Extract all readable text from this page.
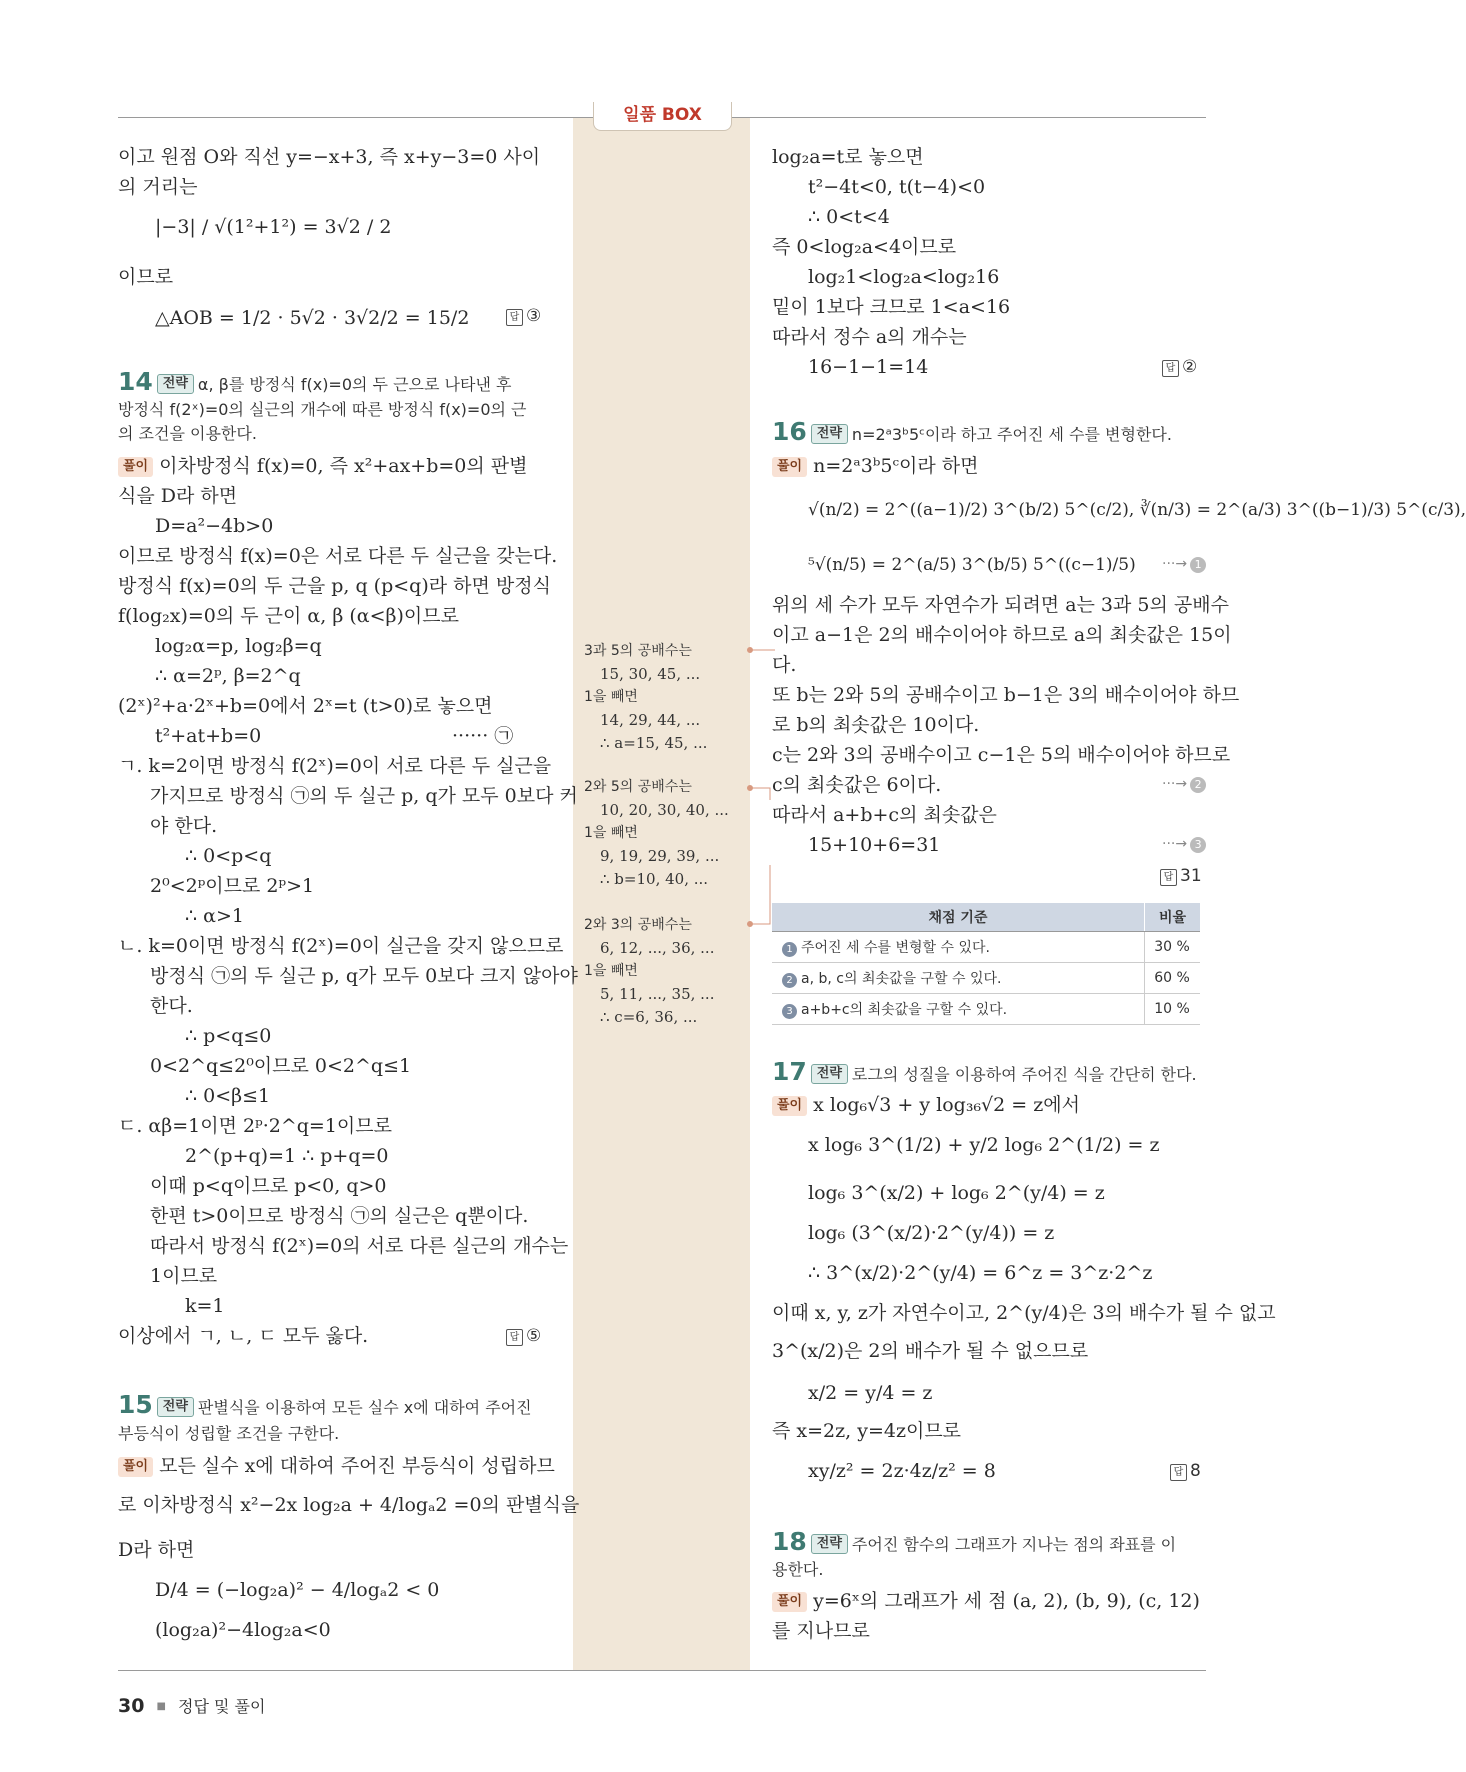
일품 BOX
30 ■ 정답 및 풀이
이고 원점 O와 직선 y=−x+3, 즉 x+y−3=0 사이
의 거리는
|−3| / √(1²+1²) = 3√2 / 2
이므로
△AOB = 1/2 · 5√2 · 3√2/2 = 15/2	답 ③
14 전략 α, β를 방정식 f(x)=0의 두 근으로 나타낸 후
방정식 f(2ˣ)=0의 실근의 개수에 따른 방정식 f(x)=0의 근
의 조건을 이용한다.
풀이 이차방정식 f(x)=0, 즉 x²+ax+b=0의 판별
식을 D라 하면
D=a²−4b>0
이므로 방정식 f(x)=0은 서로 다른 두 실근을 갖는다.
방정식 f(x)=0의 두 근을 p, q (p<q)라 하면 방정식
f(log₂x)=0의 두 근이 α, β (α<β)이므로
log₂α=p, log₂β=q
∴ α=2ᵖ, β=2^q
(2ˣ)²+a·2ˣ+b=0에서 2ˣ=t (t>0)로 놓으면
t²+at+b=0	······ ㉠
ㄱ. k=2이면 방정식 f(2ˣ)=0이 서로 다른 두 실근을
가지므로 방정식 ㉠의 두 실근 p, q가 모두 0보다 커
야 한다.
∴ 0<p<q
2⁰<2ᵖ이므로 2ᵖ>1
∴ α>1
ㄴ. k=0이면 방정식 f(2ˣ)=0이 실근을 갖지 않으므로
방정식 ㉠의 두 실근 p, q가 모두 0보다 크지 않아야
한다.
∴ p<q≤0
0<2^q≤2⁰이므로 0<2^q≤1
∴ 0<β≤1
ㄷ. αβ=1이면 2ᵖ·2^q=1이므로
2^(p+q)=1 ∴ p+q=0
이때 p<q이므로 p<0, q>0
한편 t>0이므로 방정식 ㉠의 실근은 q뿐이다.
따라서 방정식 f(2ˣ)=0의 서로 다른 실근의 개수는
1이므로
k=1
이상에서 ㄱ, ㄴ, ㄷ 모두 옳다.	답 ⑤
15 전략 판별식을 이용하여 모든 실수 x에 대하여 주어진
부등식이 성립할 조건을 구한다.
풀이 모든 실수 x에 대하여 주어진 부등식이 성립하므
로 이차방정식 x²−2x log₂a + 4/logₐ2 =0의 판별식을
D라 하면
D/4 = (−log₂a)² − 4/logₐ2 < 0
(log₂a)²−4log₂a<0
3과 5의 공배수는
15, 30, 45, ...
1을 빼면
14, 29, 44, ...
∴ a=15, 45, ...
2와 5의 공배수는
10, 20, 30, 40, ...
1을 빼면
9, 19, 29, 39, ...
∴ b=10, 40, ...
2와 3의 공배수는
6, 12, ..., 36, ...
1을 빼면
5, 11, ..., 35, ...
∴ c=6, 36, ...
log₂a=t로 놓으면
t²−4t<0, t(t−4)<0
∴ 0<t<4
즉 0<log₂a<4이므로
log₂1<log₂a<log₂16
밑이 1보다 크므로 1<a<16
따라서 정수 a의 개수는
16−1−1=14	답 ②
16 전략 n=2ᵃ3ᵇ5ᶜ이라 하고 주어진 세 수를 변형한다.
풀이 n=2ᵃ3ᵇ5ᶜ이라 하면
√(n/2) = 2^((a−1)/2) 3^(b/2) 5^(c/2), ∛(n/3) = 2^(a/3) 3^((b−1)/3) 5^(c/3),
⁵√(n/5) = 2^(a/5) 3^(b/5) 5^((c−1)/5) ···→ 1
위의 세 수가 모두 자연수가 되려면 a는 3과 5의 공배수
이고 a−1은 2의 배수이어야 하므로 a의 최솟값은 15이
다.
또 b는 2와 5의 공배수이고 b−1은 3의 배수이어야 하므
로 b의 최솟값은 10이다.
c는 2와 3의 공배수이고 c−1은 5의 배수이어야 하므로
c의 최솟값은 6이다.	···→ 2
따라서 a+b+c의 최솟값은
15+10+6=31	···→ 3
답 31
채점 기준	비율
1 주어진 세 수를 변형할 수 있다.	30 %
2 a, b, c의 최솟값을 구할 수 있다.	60 %
3 a+b+c의 최솟값을 구할 수 있다.	10 %
17 전략 로그의 성질을 이용하여 주어진 식을 간단히 한다.
풀이 x log₆√3 + y log₃₆√2 = z에서
x log₆ 3^(1/2) + y/2 log₆ 2^(1/2) = z
log₆ 3^(x/2) + log₆ 2^(y/4) = z
log₆ (3^(x/2)·2^(y/4)) = z
∴ 3^(x/2)·2^(y/4) = 6^z = 3^z·2^z
이때 x, y, z가 자연수이고, 2^(y/4)은 3의 배수가 될 수 없고
3^(x/2)은 2의 배수가 될 수 없으므로
x/2 = y/4 = z
즉 x=2z, y=4z이므로
xy/z² = 2z·4z/z² = 8	답 8
18 전략 주어진 함수의 그래프가 지나는 점의 좌표를 이
용한다.
풀이 y=6ˣ의 그래프가 세 점 (a, 2), (b, 9), (c, 12)
를 지나므로
